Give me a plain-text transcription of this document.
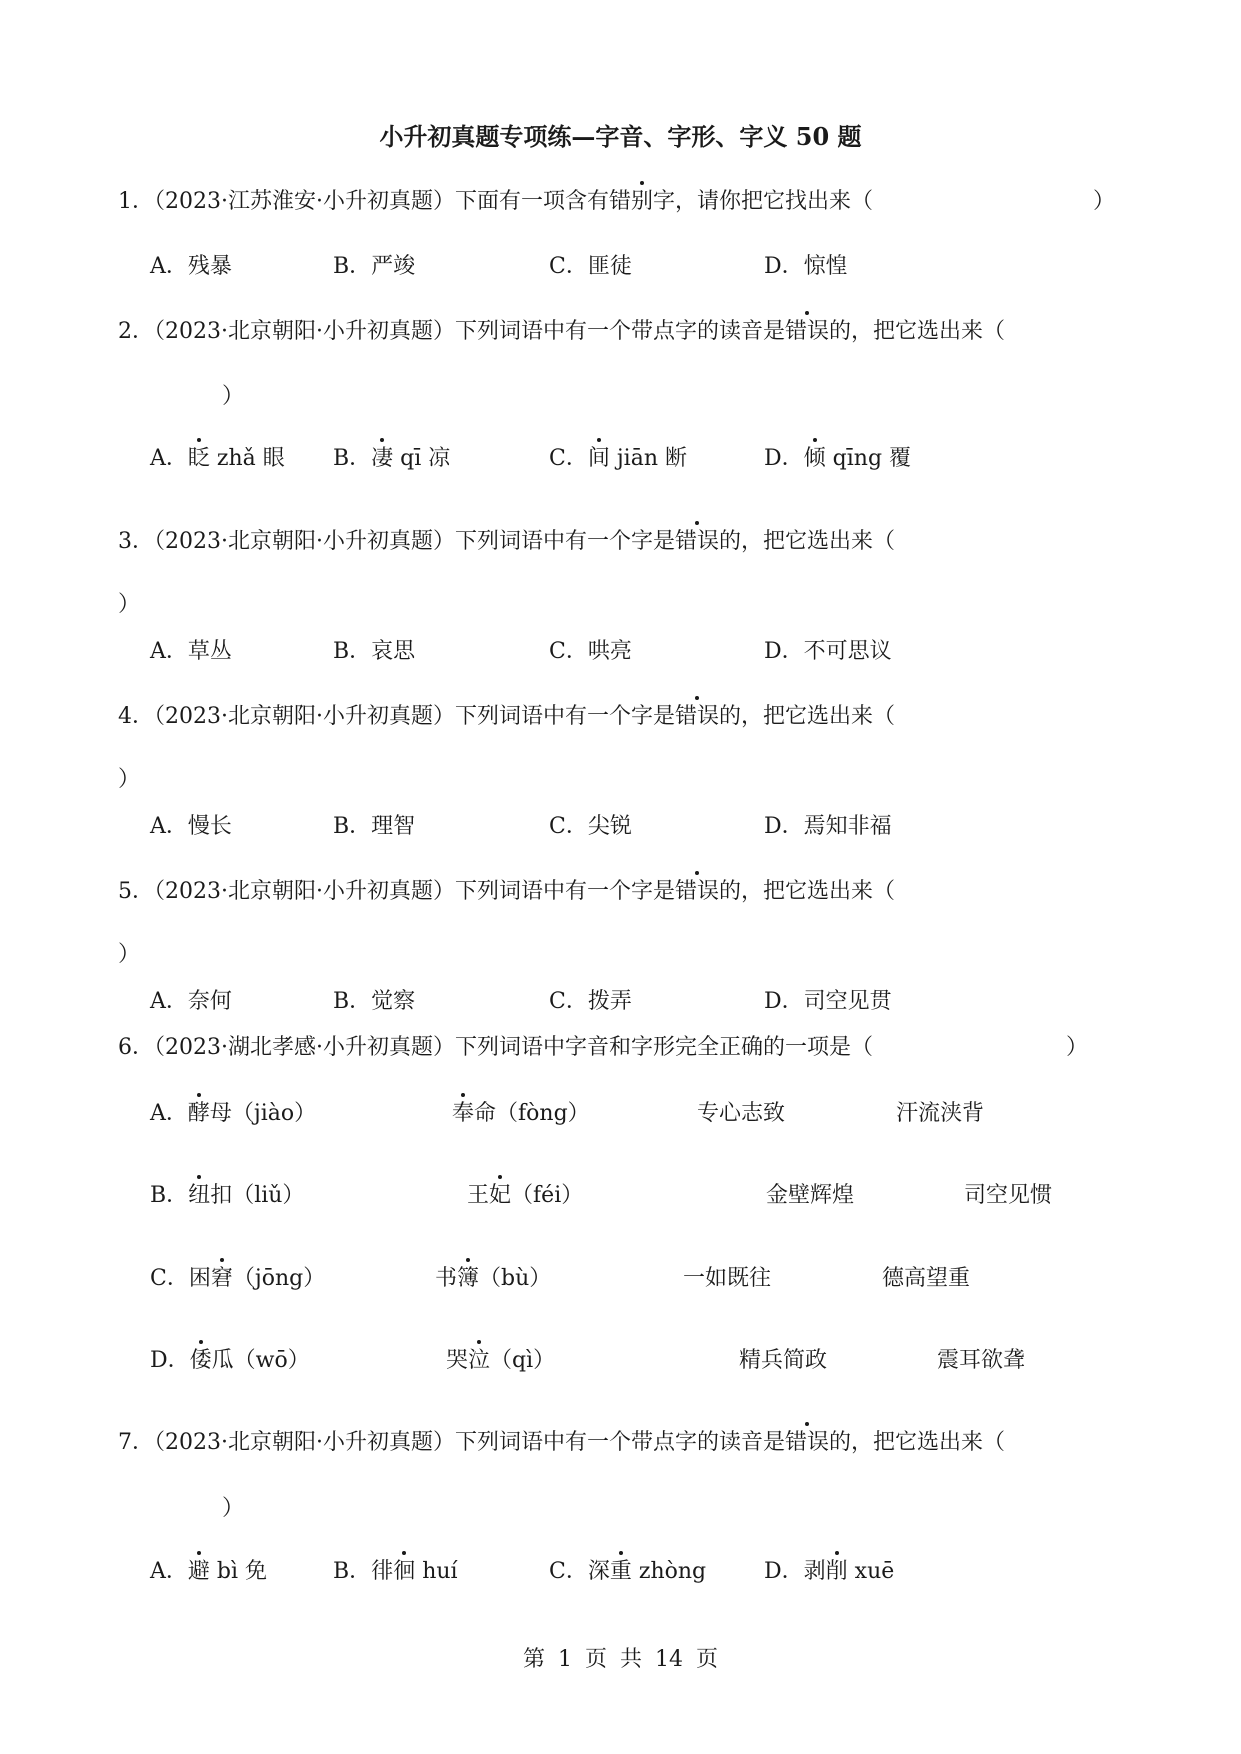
小升初真题专项练—字音、字形、字义 50 题
1．（2023·江苏淮安·小升初真题）下面有一项含有错别字，请你把它找出来（	）
A．残暴	B．严竣	C．匪徒	D．惊惶
2．（2023·北京朝阳·小升初真题）下列词语中有一个带点字的读音是错误的，把它选出来（
）
A．眨 zhǎ 眼 B．凄 qī 凉	C．间 jiān 断	D．倾 qīng 覆
3．（2023·北京朝阳·小升初真题）下列词语中有一个字是错误的，把它选出来（
）
A．草丛	B．哀思	C．哄亮	D．不可思议
4．（2023·北京朝阳·小升初真题）下列词语中有一个字是错误的，把它选出来（
）
A．慢长	B．理智	C．尖锐	D．焉知非福
5．（2023·北京朝阳·小升初真题）下列词语中有一个字是错误的，把它选出来（
）
A．奈何	B．觉察	C．拨弄	D．司空见贯
6．（2023·湖北孝感·小升初真题）下列词语中字音和字形完全正确的一项是（	）
A．酵母（jiào）	奉命（fòng）	专心志致	汗流浃背
B．纽扣（liǔ）	王妃（féi）	金壁辉煌	司空见惯
C．困窘（jōng）	书簿（bù）	一如既往	德高望重
D．倭瓜（wō）	哭泣（qì）	精兵简政	震耳欲聋
7．（2023·北京朝阳·小升初真题）下列词语中有一个带点字的读音是错误的，把它选出来（
）
A．避 bì 免	B．徘徊 huí	C．深重 zhòng	D．剥削 xuē
第 1 页 共 14 页
